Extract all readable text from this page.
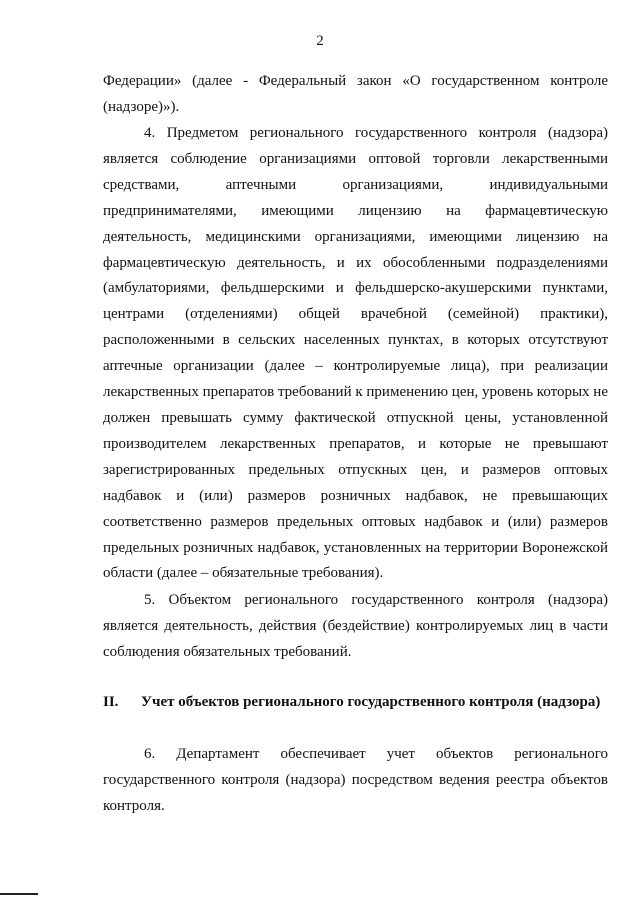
2

Федерации» (далее - Федеральный закон «О государственном контроле (надзоре)»).

4. Предметом регионального государственного контроля (надзора) является соблюдение организациями оптовой торговли лекарственными средствами, аптечными организациями, индивидуальными предпринимателями, имеющими лицензию на фармацевтическую деятельность, медицинскими организациями, имеющими лицензию на фармацевтическую деятельность, и их обособленными подразделениями (амбулаториями, фельдшерскими и фельдшерско-акушерскими пунктами, центрами (отделениями) общей врачебной (семейной) практики), расположенными в сельских населенных пунктах, в которых отсутствуют аптечные организации (далее – контролируемые лица), при реализации лекарственных препаратов требований к применению цен, уровень которых не должен превышать сумму фактической отпускной цены, установленной производителем лекарственных препаратов, и которые не превышают зарегистрированных предельных отпускных цен, и размеров оптовых надбавок и (или) размеров розничных надбавок, не превышающих соответственно размеров предельных оптовых надбавок и (или) размеров предельных розничных надбавок, установленных на территории Воронежской области (далее – обязательные требования).

5. Объектом регионального государственного контроля (надзора) является деятельность, действия (бездействие) контролируемых лиц в части соблюдения обязательных требований.

II. Учет объектов регионального государственного контроля (надзора)

6. Департамент обеспечивает учет объектов регионального
государственного контроля (надзора) посредством ведения реестра объектов контроля.
